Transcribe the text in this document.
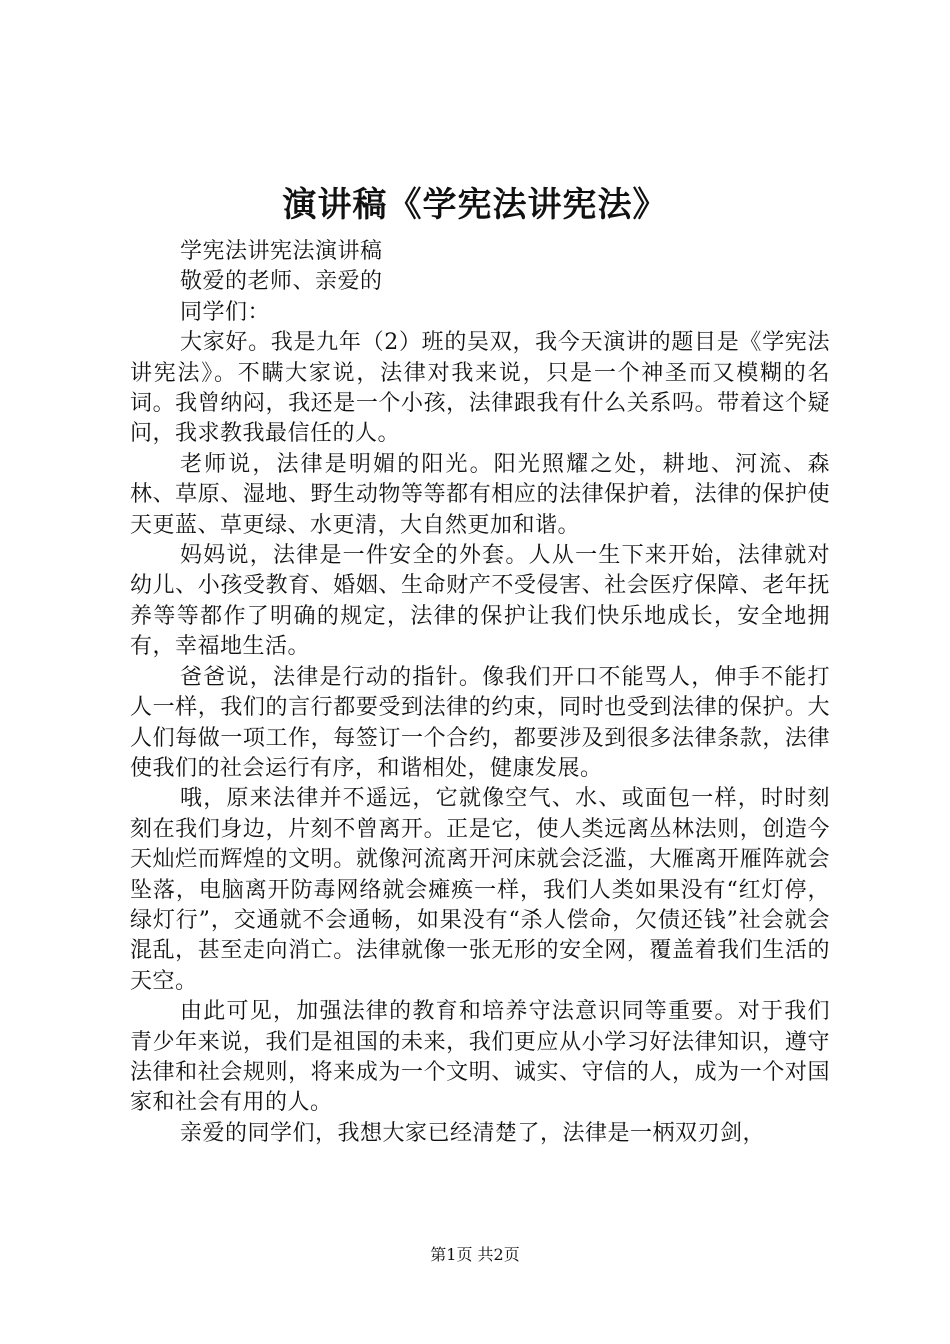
演讲稿《学宪法讲宪法》

学宪法讲宪法演讲稿

敬爱的老师、亲爱的

同学们：

大家好。我是九年（2）班的吴双，我今天演讲的题目是《学宪法讲宪法》。不瞒大家说，法律对我来说，只是一个神圣而又模糊的名词。我曾纳闷，我还是一个小孩，法律跟我有什么关系吗。带着这个疑问，我求教我最信任的人。

老师说，法律是明媚的阳光。阳光照耀之处，耕地、河流、森林、草原、湿地、野生动物等等都有相应的法律保护着，法律的保护使天更蓝、草更绿、水更清，大自然更加和谐。

妈妈说，法律是一件安全的外套。人从一生下来开始，法律就对幼儿、小孩受教育、婚姻、生命财产不受侵害、社会医疗保障、老年抚养等等都作了明确的规定，法律的保护让我们快乐地成长，安全地拥有，幸福地生活。

爸爸说，法律是行动的指针。像我们开口不能骂人，伸手不能打人一样，我们的言行都要受到法律的约束，同时也受到法律的保护。大人们每做一项工作，每签订一个合约，都要涉及到很多法律条款，法律使我们的社会运行有序，和谐相处，健康发展。

哦，原来法律并不遥远，它就像空气、水、或面包一样，时时刻刻在我们身边，片刻不曾离开。正是它，使人类远离丛林法则，创造今天灿烂而辉煌的文明。就像河流离开河床就会泛滥，大雁离开雁阵就会坠落，电脑离开防毒网络就会瘫痪一样，我们人类如果没有“红灯停，绿灯行”，交通就不会通畅，如果没有“杀人偿命，欠债还钱”社会就会混乱，甚至走向消亡。法律就像一张无形的安全网，覆盖着我们生活的天空。

由此可见，加强法律的教育和培养守法意识同等重要。对于我们青少年来说，我们是祖国的未来，我们更应从小学习好法律知识，遵守法律和社会规则，将来成为一个文明、诚实、守信的人，成为一个对国家和社会有用的人。

亲爱的同学们，我想大家已经清楚了，法律是一柄双刃剑，

第1页 共2页
